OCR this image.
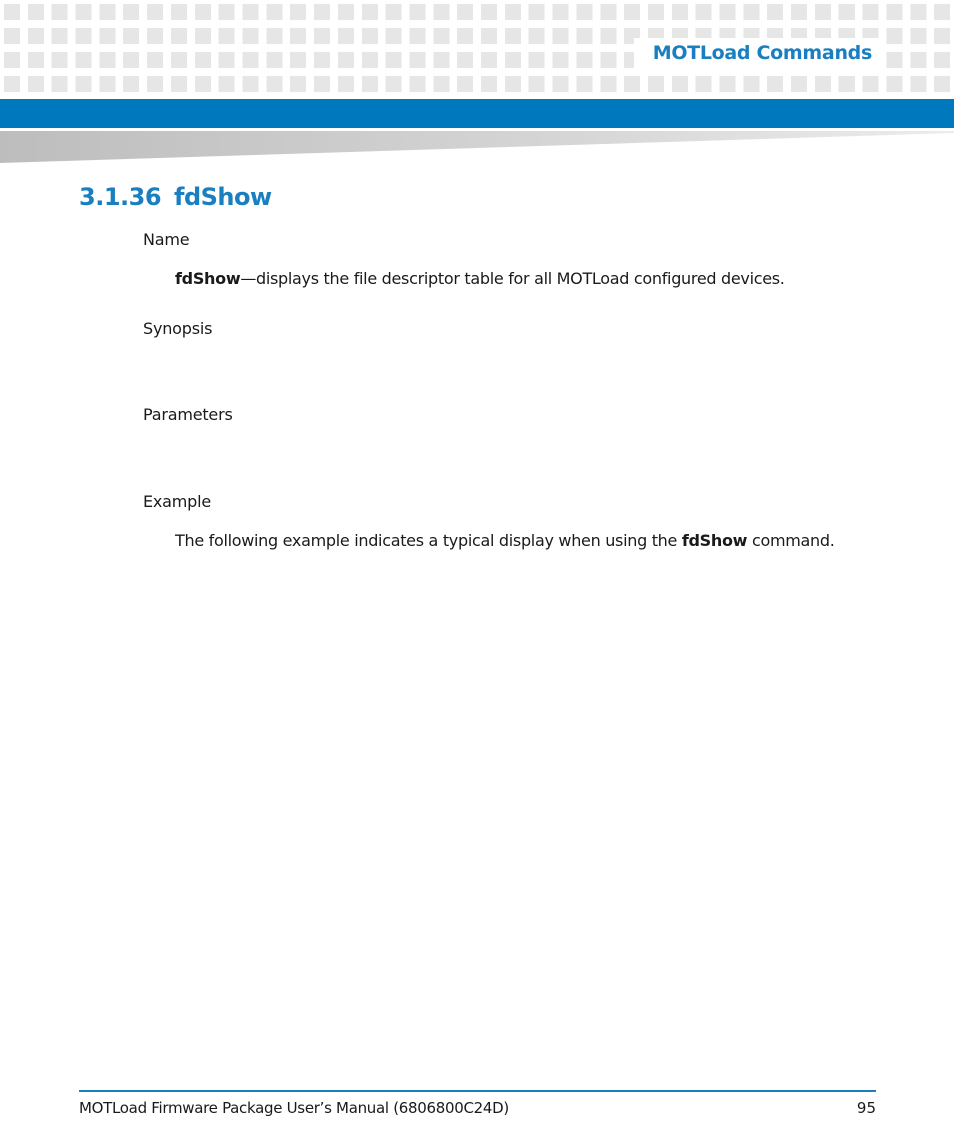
MOTLoad Commands
3.1.36 fdShow
Name
fdShow—displays the file descriptor table for all MOTLoad configured devices.
Synopsis
Parameters
Example
The following example indicates a typical display when using the fdShow command.
MOTLoad Firmware Package User’s Manual (6806800C24D)	95
